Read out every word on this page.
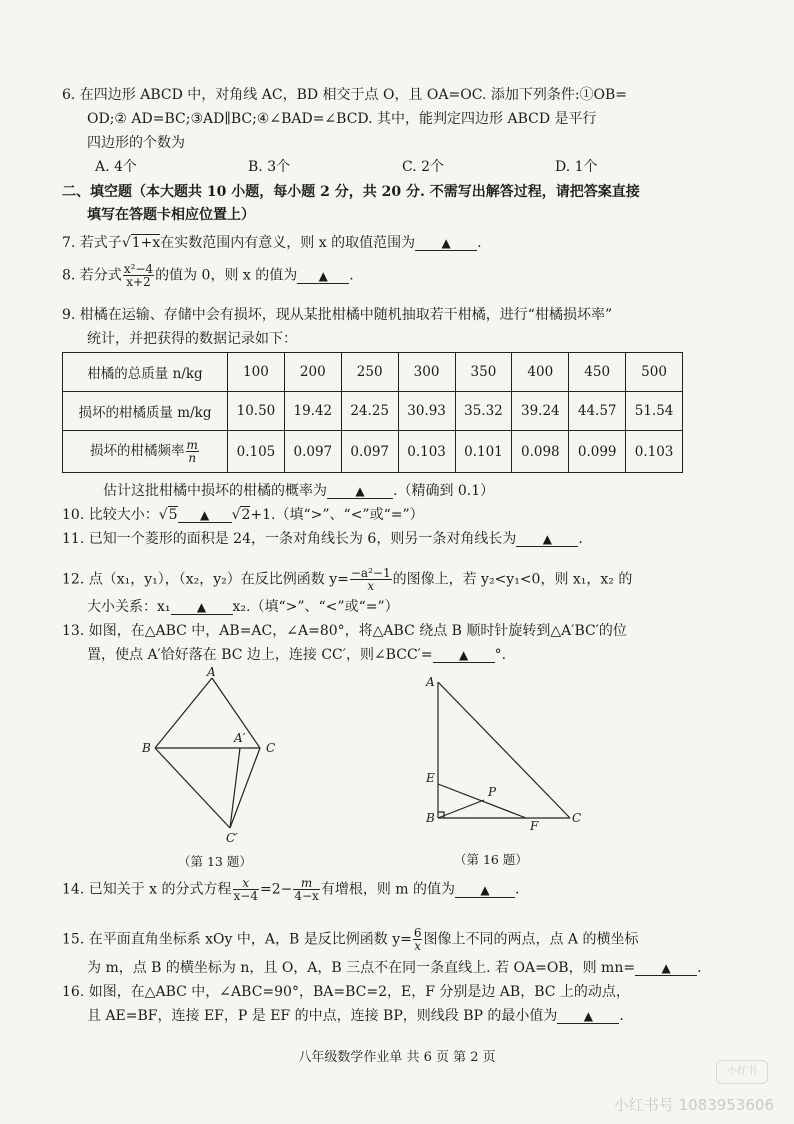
6. 在四边形 ABCD 中，对角线 AC，BD 相交于点 O，且 OA=OC. 添加下列条件:①OB=
OD;② AD=BC;③AD∥BC;④∠BAD=∠BCD. 其中，能判定四边形 ABCD 是平行
四边形的个数为
A. 4个	B. 3个	C. 2个	D. 1个
二、填空题（本大题共 10 小题，每小题 2 分，共 20 分. 不需写出解答过程，请把答案直接
填写在答题卡相应位置上）
7. 若式子√1+x在实数范围内有意义，则 x 的取值范围为 ▲ .
8. 若分式 $\frac{\text{x²−4}}{x+2}$ 的值为 0，则 x 的值为 ▲ .
9. 柑橘在运输、存储中会有损坏，现从某批柑橘中随机抽取若干柑橘，进行“柑橘损坏率”
统计，并把获得的数据记录如下：
柑橘的总质量 n/kg	100	200	250	300	350	400	450	500
损坏的柑橘质量 m/kg	10.50	19.42	24.25	30.93	35.32	39.24	44.57	51.54
损坏的柑橘频率 $\frac{m}{n}$	0.105	0.097	0.097	0.103	0.101	0.098	0.099	0.103
估计这批柑橘中损坏的柑橘的概率为 ▲ .（精确到 0.1）
10. 比较大小：√5 ▲ √2+1.（填“>”、“<”或“=”）
11. 已知一个菱形的面积是 24，一条对角线长为 6，则另一条对角线长为 ▲ .
12. 点（x₁，y₁），（x₂，y₂）在反比例函数 $y= \frac{\text{−a²−1}}{x}$ 的图像上，若 y₂<y₁<0，则 x₁，x₂ 的
大小关系：x₁ ▲ x₂.（填“>”、“<”或“=”）
13. 如图，在△ABC 中，AB=AC，∠A=80°，将△ABC 绕点 B 顺时针旋转到△A′BC′的位
置，使点 A′恰好落在 BC 边上，连接 CC′，则∠BCC′= ▲ °.
A
B	C
A′
C′
（第 13 题）
A
E
P
B
F
C
（第 16 题）
14. 已知关于 x 的分式方程 $\frac{x}{x-4} =2- \frac{m}{4-x}$ 有增根，则 m 的值为 ▲ .
15. 在平面直角坐标系 xOy 中，A，B 是反比例函数 $y= \frac{6}{x}$ 图像上不同的两点，点 A 的横坐标
为 m，点 B 的横坐标为 n，且 O，A，B 三点不在同一条直线上. 若 OA=OB，则 mn= ▲ .
16. 如图，在△ABC 中，∠ABC=90°，BA=BC=2，E，F 分别是边 AB，BC 上的动点，
且 AE=BF，连接 EF，P 是 EF 的中点，连接 BP，则线段 BP 的最小值为 ▲ .
八年级数学作业单 共 6 页 第 2 页
小红书
小红书号 1083953606
